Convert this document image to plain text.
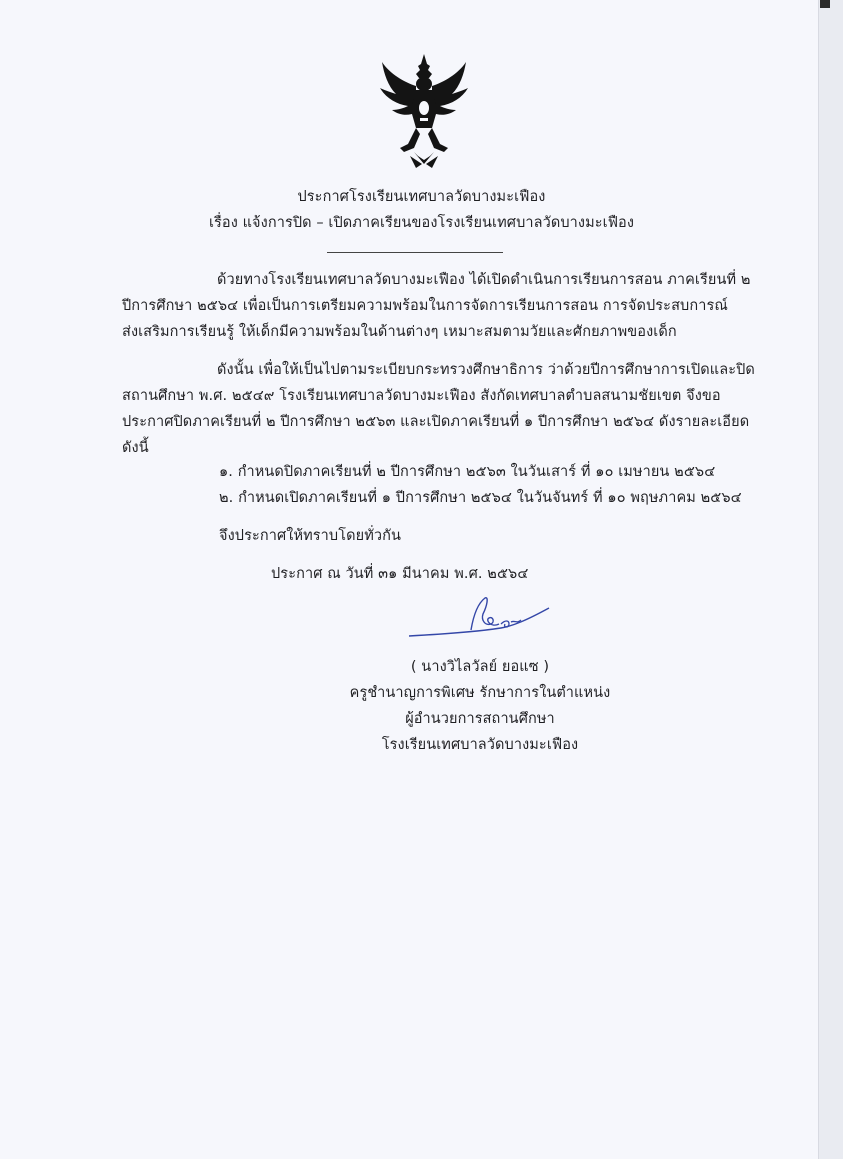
ประกาศโรงเรียนเทศบาลวัดบางมะเฟือง
เรื่อง แจ้งการปิด – เปิดภาคเรียนของโรงเรียนเทศบาลวัดบางมะเฟือง
ด้วยทางโรงเรียนเทศบาลวัดบางมะเฟือง ได้เปิดดำเนินการเรียนการสอน ภาคเรียนที่ ๒
ปีการศึกษา ๒๕๖๔ เพื่อเป็นการเตรียมความพร้อมในการจัดการเรียนการสอน การจัดประสบการณ์
ส่งเสริมการเรียนรู้ ให้เด็กมีความพร้อมในด้านต่างๆ เหมาะสมตามวัยและศักยภาพของเด็ก
ดังนั้น เพื่อให้เป็นไปตามระเบียบกระทรวงศึกษาธิการ ว่าด้วยปีการศึกษาการเปิดและปิด
สถานศึกษา พ.ศ. ๒๕๔๙ โรงเรียนเทศบาลวัดบางมะเฟือง สังกัดเทศบาลตำบลสนามชัยเขต จึงขอ
ประกาศปิดภาคเรียนที่ ๒ ปีการศึกษา ๒๕๖๓ และเปิดภาคเรียนที่ ๑ ปีการศึกษา ๒๕๖๔ ดังรายละเอียด
ดังนี้
๑. กำหนดปิดภาคเรียนที่ ๒ ปีการศึกษา ๒๕๖๓ ในวันเสาร์ ที่ ๑๐ เมษายน ๒๕๖๔
๒. กำหนดเปิดภาคเรียนที่ ๑ ปีการศึกษา ๒๕๖๔ ในวันจันทร์ ที่ ๑๐ พฤษภาคม ๒๕๖๔
จึงประกาศให้ทราบโดยทั่วกัน
ประกาศ ณ วันที่ ๓๑ มีนาคม พ.ศ. ๒๕๖๔
( นางวิไลวัลย์ ยอแซ )
ครูชำนาญการพิเศษ รักษาการในตำแหน่ง
ผู้อำนวยการสถานศึกษา
โรงเรียนเทศบาลวัดบางมะเฟือง
